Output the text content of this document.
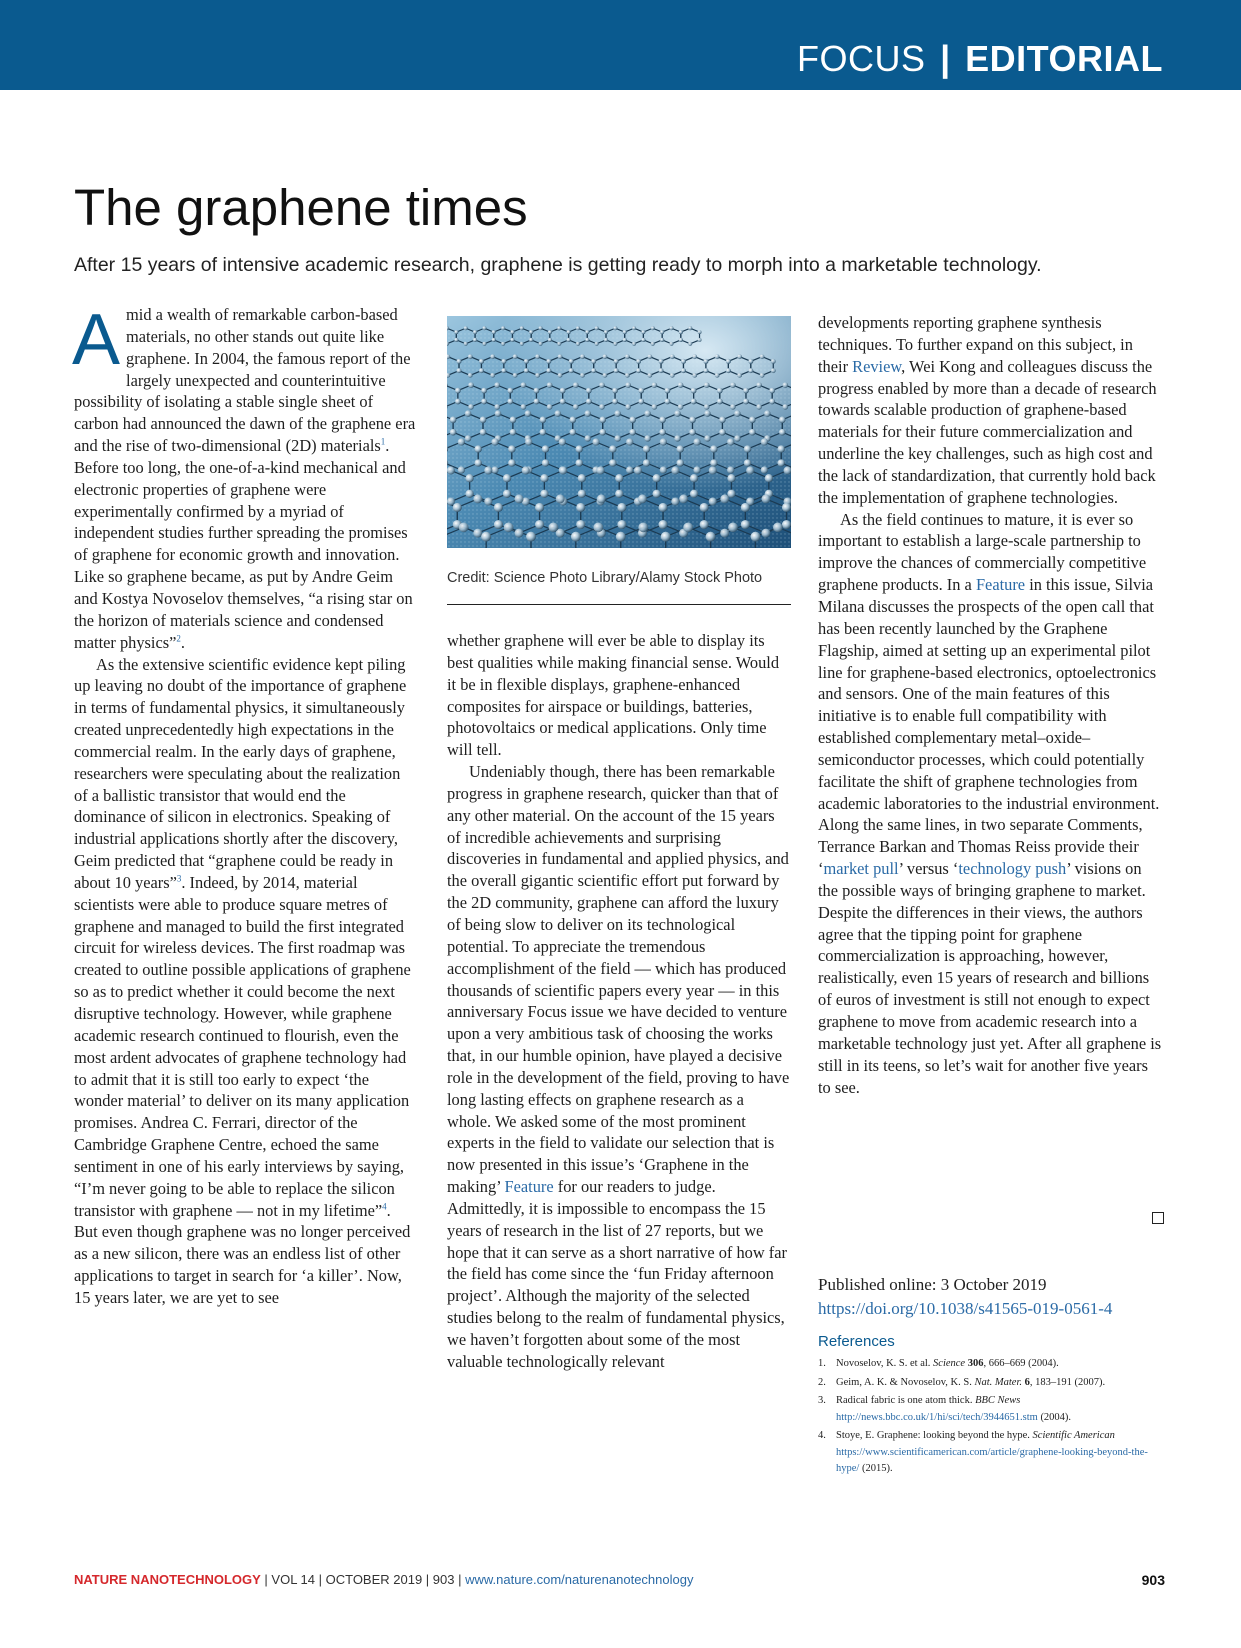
FOCUS | EDITORIAL
The graphene times
After 15 years of intensive academic research, graphene is getting ready to morph into a marketable technology.

Amid a wealth of remarkable carbon-based materials, no other stands out quite like graphene. In 2004, the famous report of the largely unexpected and counterintuitive possibility of isolating a stable single sheet of carbon had announced the dawn of the graphene era and the rise of two-dimensional (2D) materials$^1$. Before too long, the one-of-a-kind mechanical and electronic properties of graphene were experimentally confirmed by a myriad of independent studies further spreading the promises of graphene for economic growth and innovation. Like so graphene became, as put by Andre Geim and Kostya Novoselov themselves, “a rising star on the horizon of materials science and condensed matter physics”$^2$.

As the extensive scientific evidence kept piling up leaving no doubt of the importance of graphene in terms of fundamental physics, it simultaneously created unprecedentedly high expectations in the commercial realm. In the early days of graphene, researchers were speculating about the realization of a ballistic transistor that would end the dominance of silicon in electronics. Speaking of industrial applications shortly after the discovery, Geim predicted that “graphene could be ready in about 10 years”$^3$. Indeed, by 2014, material scientists were able to produce square metres of graphene and managed to build the first integrated circuit for wireless devices. The first roadmap was created to outline possible applications of graphene so as to predict whether it could become the next disruptive technology. However, while graphene academic research continued to flourish, even the most ardent advocates of graphene technology had to admit that it is still too early to expect ‘the wonder material’ to deliver on its many application promises. Andrea C. Ferrari, director of the Cambridge Graphene Centre, echoed the same sentiment in one of his early interviews by saying, “I’m never going to be able to replace the silicon transistor with graphene — not in my lifetime”$^4$. But even though graphene was no longer perceived as a new silicon, there was an endless list of other applications to target in search for ‘a killer’. Now, 15 years later, we are yet to see

Credit: Science Photo Library/Alamy Stock Photo

whether graphene will ever be able to display its best qualities while making financial sense. Would it be in flexible displays, graphene-enhanced composites for airspace or buildings, batteries, photovoltaics or medical applications. Only time will tell.

Undeniably though, there has been remarkable progress in graphene research, quicker than that of any other material. On the account of the 15 years of incredible achievements and surprising discoveries in fundamental and applied physics, and the overall gigantic scientific effort put forward by the 2D community, graphene can afford the luxury of being slow to deliver on its technological potential. To appreciate the tremendous accomplishment of the field — which has produced thousands of scientific papers every year — in this anniversary Focus issue we have decided to venture upon a very ambitious task of choosing the works that, in our humble opinion, have played a decisive role in the development of the field, proving to have long lasting effects on graphene research as a whole. We asked some of the most prominent experts in the field to validate our selection that is now presented in this issue’s ‘Graphene in the making’ Feature for our readers to judge. Admittedly, it is impossible to encompass the 15 years of research in the list of 27 reports, but we hope that it can serve as a short narrative of how far the field has come since the ‘fun Friday afternoon project’. Although the majority of the selected studies belong to the realm of fundamental physics, we haven’t forgotten about some of the most valuable technologically relevant

developments reporting graphene synthesis techniques. To further expand on this subject, in their Review, Wei Kong and colleagues discuss the progress enabled by more than a decade of research towards scalable production of graphene-based materials for their future commercialization and underline the key challenges, such as high cost and the lack of standardization, that currently hold back the implementation of graphene technologies.

As the field continues to mature, it is ever so important to establish a large-scale partnership to improve the chances of commercially competitive graphene products. In a Feature in this issue, Silvia Milana discusses the prospects of the open call that has been recently launched by the Graphene Flagship, aimed at setting up an experimental pilot line for graphene-based electronics, optoelectronics and sensors. One of the main features of this initiative is to enable full compatibility with established complementary metal–oxide–semiconductor processes, which could potentially facilitate the shift of graphene technologies from academic laboratories to the industrial environment. Along the same lines, in two separate Comments, Terrance Barkan and Thomas Reiss provide their ‘market pull’ versus ‘technology push’ visions on the possible ways of bringing graphene to market. Despite the differences in their views, the authors agree that the tipping point for graphene commercialization is approaching, however, realistically, even 15 years of research and billions of euros of investment is still not enough to expect graphene to move from academic research into a marketable technology just yet. After all graphene is still in its teens, so let’s wait for another five years to see.

Published online: 3 October 2019
https://doi.org/10.1038/s41565-019-0561-4
References
1. Novoselov, K. S. et al. Science 306, 666–669 (2004).
2. Geim, A. K. & Novoselov, K. S. Nat. Mater. 6, 183–191 (2007).
3. Radical fabric is one atom thick. BBC News http://news.bbc.co.uk/1/hi/sci/tech/3944651.stm (2004).
4. Stoye, E. Graphene: looking beyond the hype. Scientific American https://www.scientificamerican.com/article/graphene-looking-beyond-the-hype/ (2015).
NATURE NANOTECHNOLOGY | VOL 14 | OCTOBER 2019 | 903 | www.nature.com/naturenanotechnology	903
